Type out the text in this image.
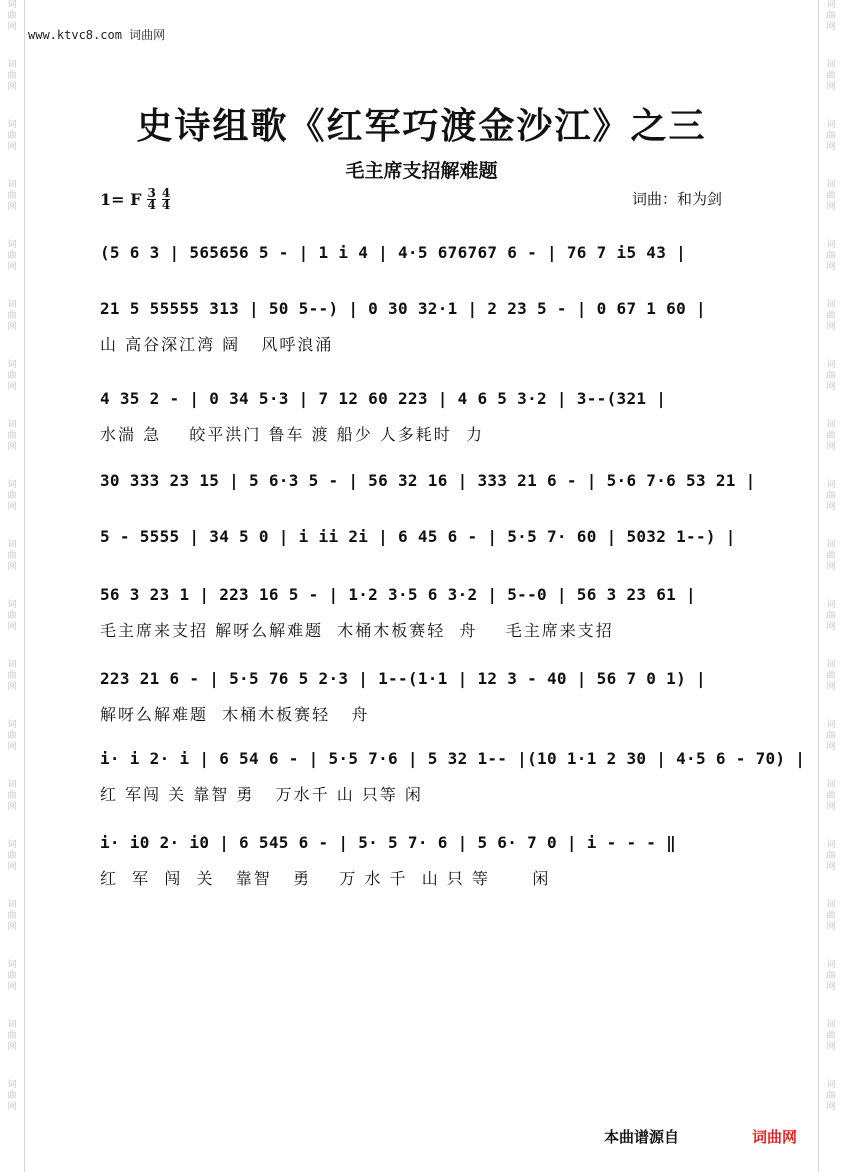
词
曲
网
词
曲
网
词
曲
网
词
曲
网
词
曲
网
词
曲
网
词
曲
网
词
曲
网
词
曲
网
词
曲
网
词
曲
网
词
曲
网
词
曲
网
词
曲
网
词
曲
网
词
曲
网
词
曲
网
词
曲
网
词
曲
网
词
曲
网
词
曲
网
词
曲
网
词
曲
网
词
曲
网
词
曲
网
词
曲
网
词
曲
网
词
曲
网
词
曲
网
词
曲
网
词
曲
网
词
曲
网
词
曲
网
词
曲
网
词
曲
网
词
曲
网
词
曲
网
词
曲
网
www.ktvc8.com 词曲网
史诗组歌《红军巧渡金沙江》之三
毛主席支招解难题
1= F $\frac{3}{4} \frac{4}{4}$	词曲：和为剑
(5 6 3 | 565656 5 - | 1 i 4 | 4·5 676767 6 - | 76 7 i5 43 |
21 5 55555 313 | 50 5--) | 0 30 32·1 | 2 23 5 - | 0 67 1 60 |
山 高谷深江湾 阔   风呼浪涌
4 35 2 - | 0 34 5·3 | 7 12 60 223 | 4 6 5 3·2 | 3--(321 |
水湍 急    皎平洪门 鲁车 渡 船少 人多耗时  力
30 333 23 15 | 5 6·3 5 - | 56 32 16 | 333 21 6 - | 5·6 7·6 53 21 |
5 - 5555 | 34 5 0 | i ii 2i | 6 45 6 - | 5·5 7· 60 | 5032 1--) |
56 3 23 1 | 223 16 5 - | 1·2 3·5 6 3·2 | 5--0 | 56 3 23 61 |
毛主席来支招 解呀么解难题  木桶木板赛轻  舟    毛主席来支招
223 21 6 - | 5·5 76 5 2·3 | 1--(1·1 | 12 3 - 40 | 56 7 0 1) |
解呀么解难题  木桶木板赛轻   舟
i· i 2· i | 6 54 6 - | 5·5 7·6 | 5 32 1-- |(10 1·1 2 30 | 4·5 6 - 70) |
红 军闯 关 靠智 勇   万水千 山 只等 闲
i· i0 2· i0 | 6 545 6 - | 5· 5 7· 6 | 5 6· 7 0 | i - - - ‖
红  军  闯  关   靠智   勇    万 水 千  山 只 等      闲
本曲谱源自	词曲网
